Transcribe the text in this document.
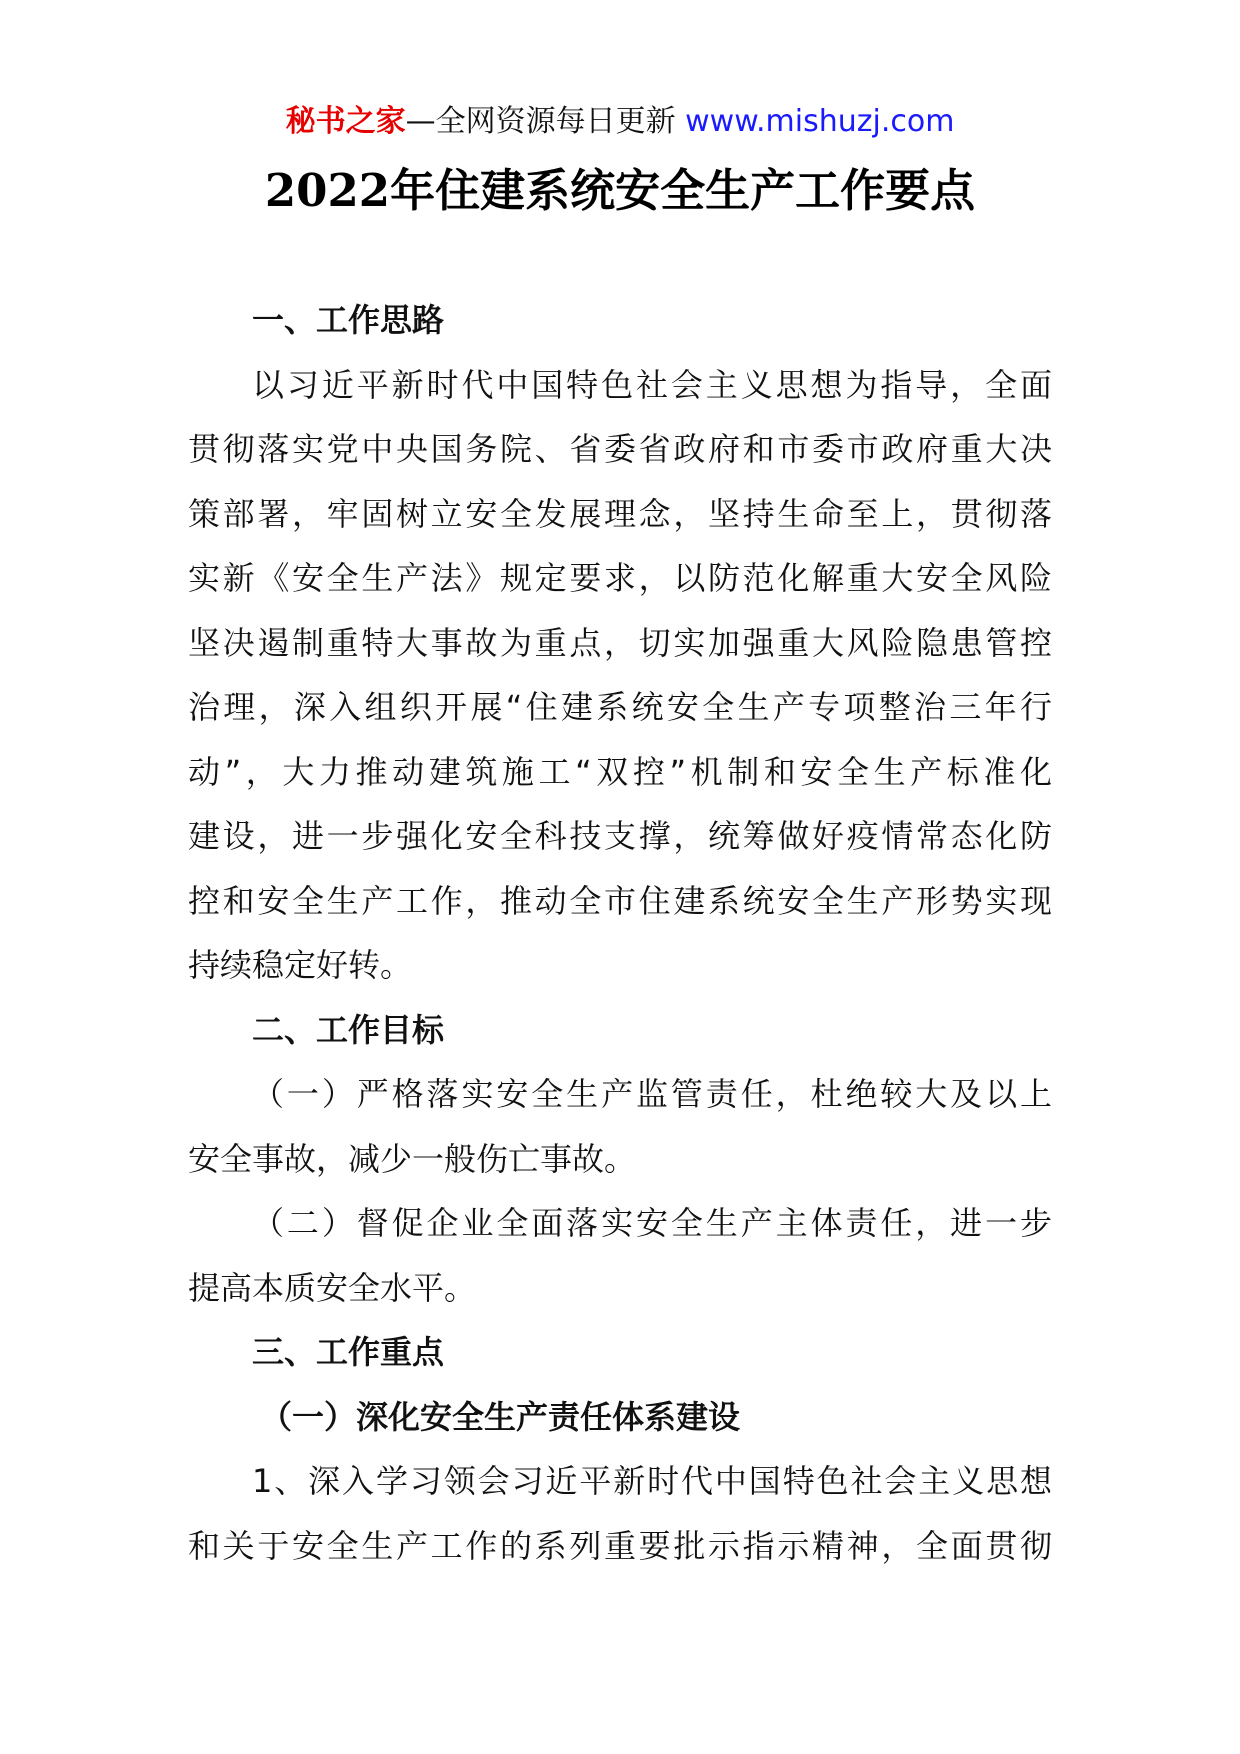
秘书之家—全网资源每日更新 www.mishuzj.com
2022年住建系统安全生产工作要点
一、工作思路
以习近平新时代中国特色社会主义思想为指导，全面
贯彻落实党中央国务院、省委省政府和市委市政府重大决
策部署，牢固树立安全发展理念，坚持生命至上，贯彻落
实新《安全生产法》规定要求，以防范化解重大安全风险
坚决遏制重特大事故为重点，切实加强重大风险隐患管控
治理，深入组织开展“住建系统安全生产专项整治三年行
动”，大力推动建筑施工“双控”机制和安全生产标准化
建设，进一步强化安全科技支撑，统筹做好疫情常态化防
控和安全生产工作，推动全市住建系统安全生产形势实现
持续稳定好转。
二、工作目标
（一）严格落实安全生产监管责任，杜绝较大及以上
安全事故，减少一般伤亡事故。
（二）督促企业全面落实安全生产主体责任，进一步
提高本质安全水平。
三、工作重点
（一）深化安全生产责任体系建设
1、深入学习领会习近平新时代中国特色社会主义思想
和关于安全生产工作的系列重要批示指示精神，全面贯彻
